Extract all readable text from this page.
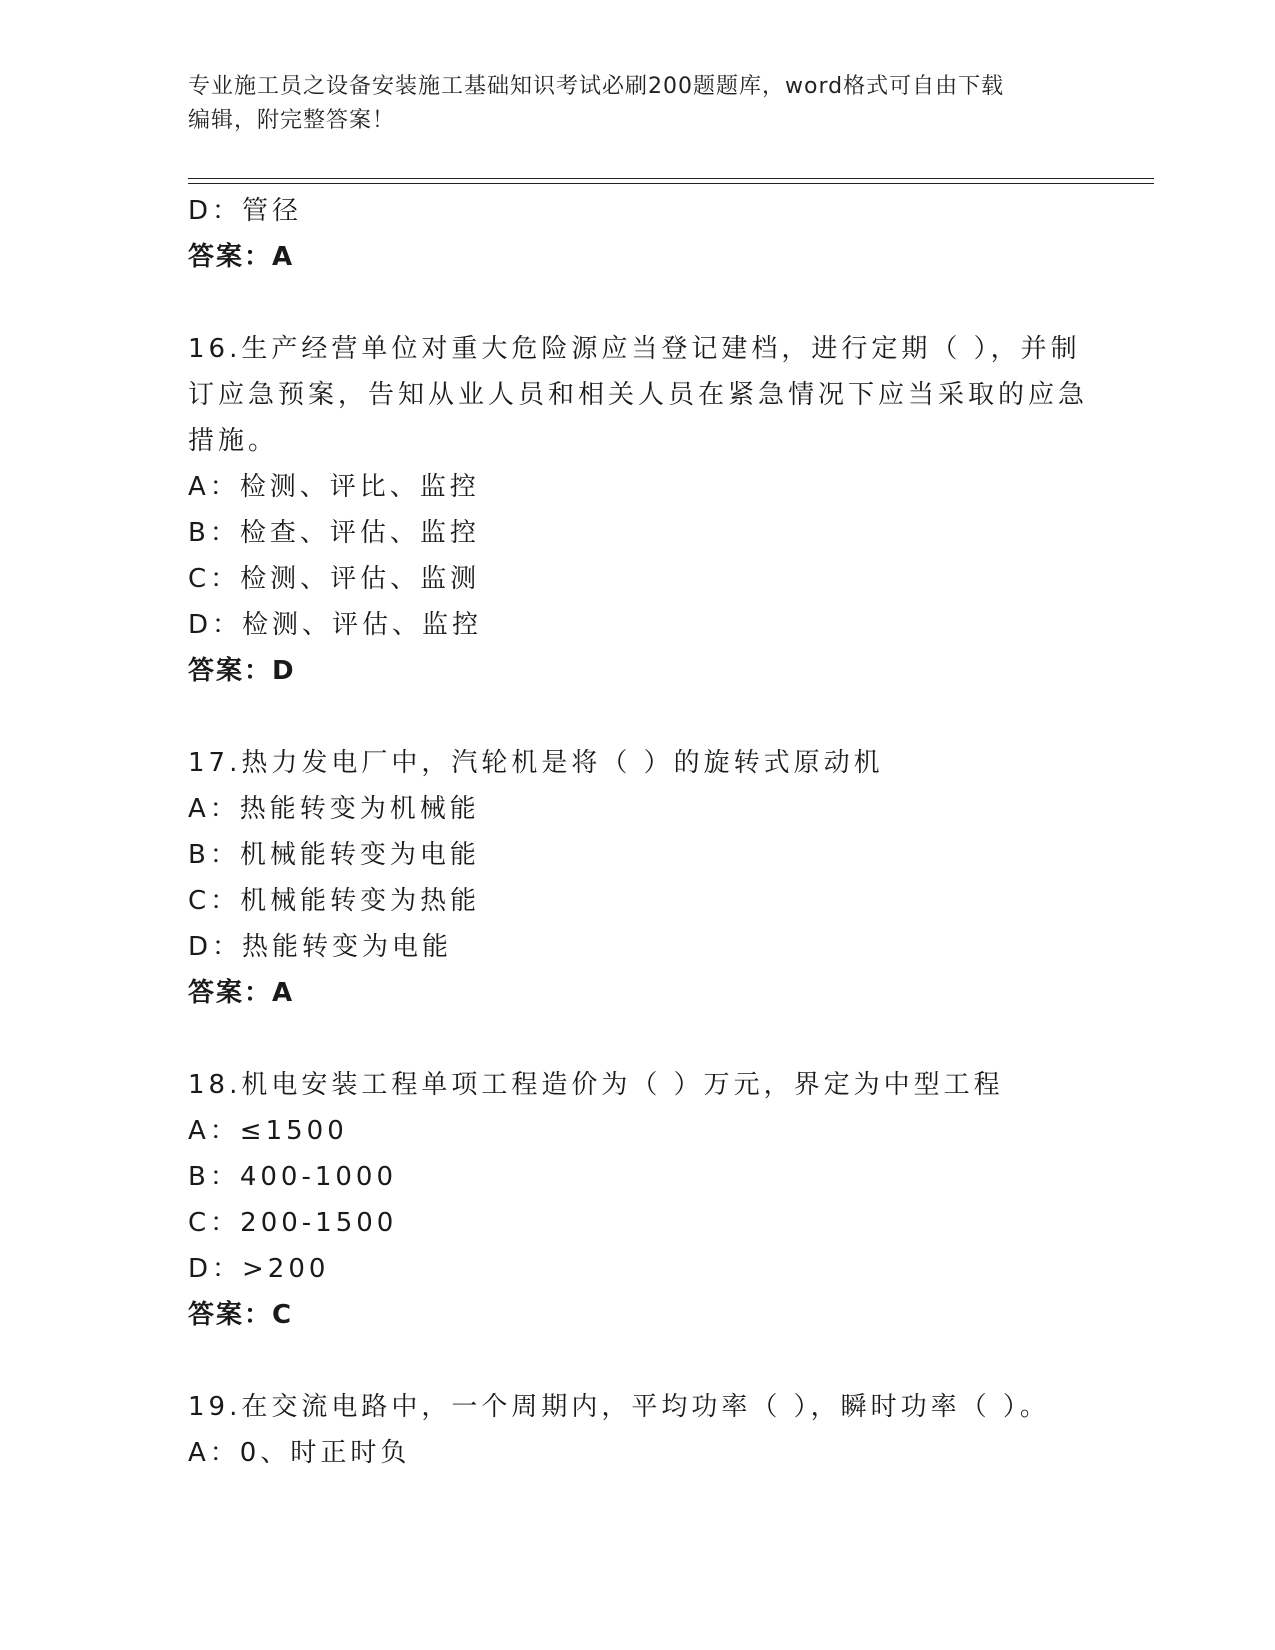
专业施工员之设备安装施工基础知识考试必刷200题题库，word格式可自由下载
编辑，附完整答案！
D：管径
答案：A
16.生产经营单位对重大危险源应当登记建档，进行定期（ ），并制
订应急预案，告知从业人员和相关人员在紧急情况下应当采取的应急
措施。
A：检测、评比、监控
B：检查、评估、监控
C：检测、评估、监测
D：检测、评估、监控
答案：D
17.热力发电厂中，汽轮机是将（ ）的旋转式原动机
A：热能转变为机械能
B：机械能转变为电能
C：机械能转变为热能
D：热能转变为电能
答案：A
18.机电安装工程单项工程造价为（ ）万元，界定为中型工程
A：≤1500
B：400-1000
C：200-1500
D：>200
答案：C
19.在交流电路中，一个周期内，平均功率（ ），瞬时功率（ ）。
A：0、时正时负
